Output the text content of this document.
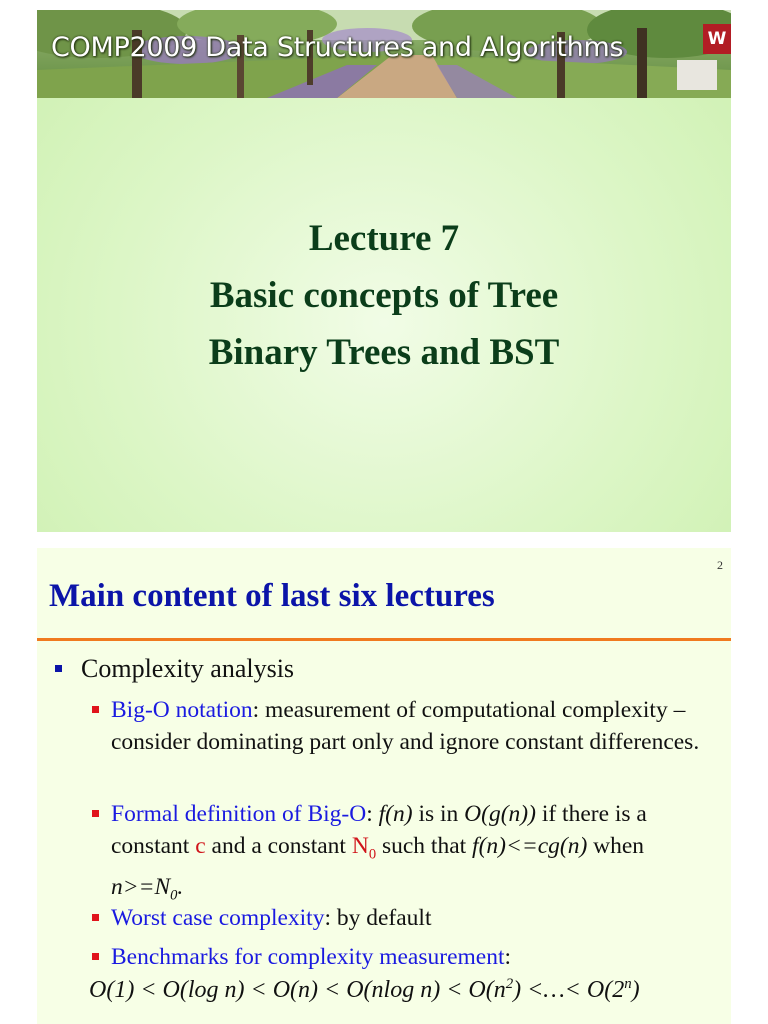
COMP2009 Data Structures and Algorithms	W
Lecture 7
Basic concepts of Tree
Binary Trees and BST
2
Main content of last six lectures
Complexity analysis
Big-O notation: measurement of computational complexity – consider dominating part only and ignore constant differences.
Formal definition of Big-O: f(n) is in O(g(n)) if there is a constant c and a constant $N_0$ such that f(n)<=cg(n) when $n>=N_0$.
Worst case complexity: by default
Benchmarks for complexity measurement:
O(1) < O(log n) < O(n) < O(nlog $n) < O(n^2)$ <…< $O(2^n)$
